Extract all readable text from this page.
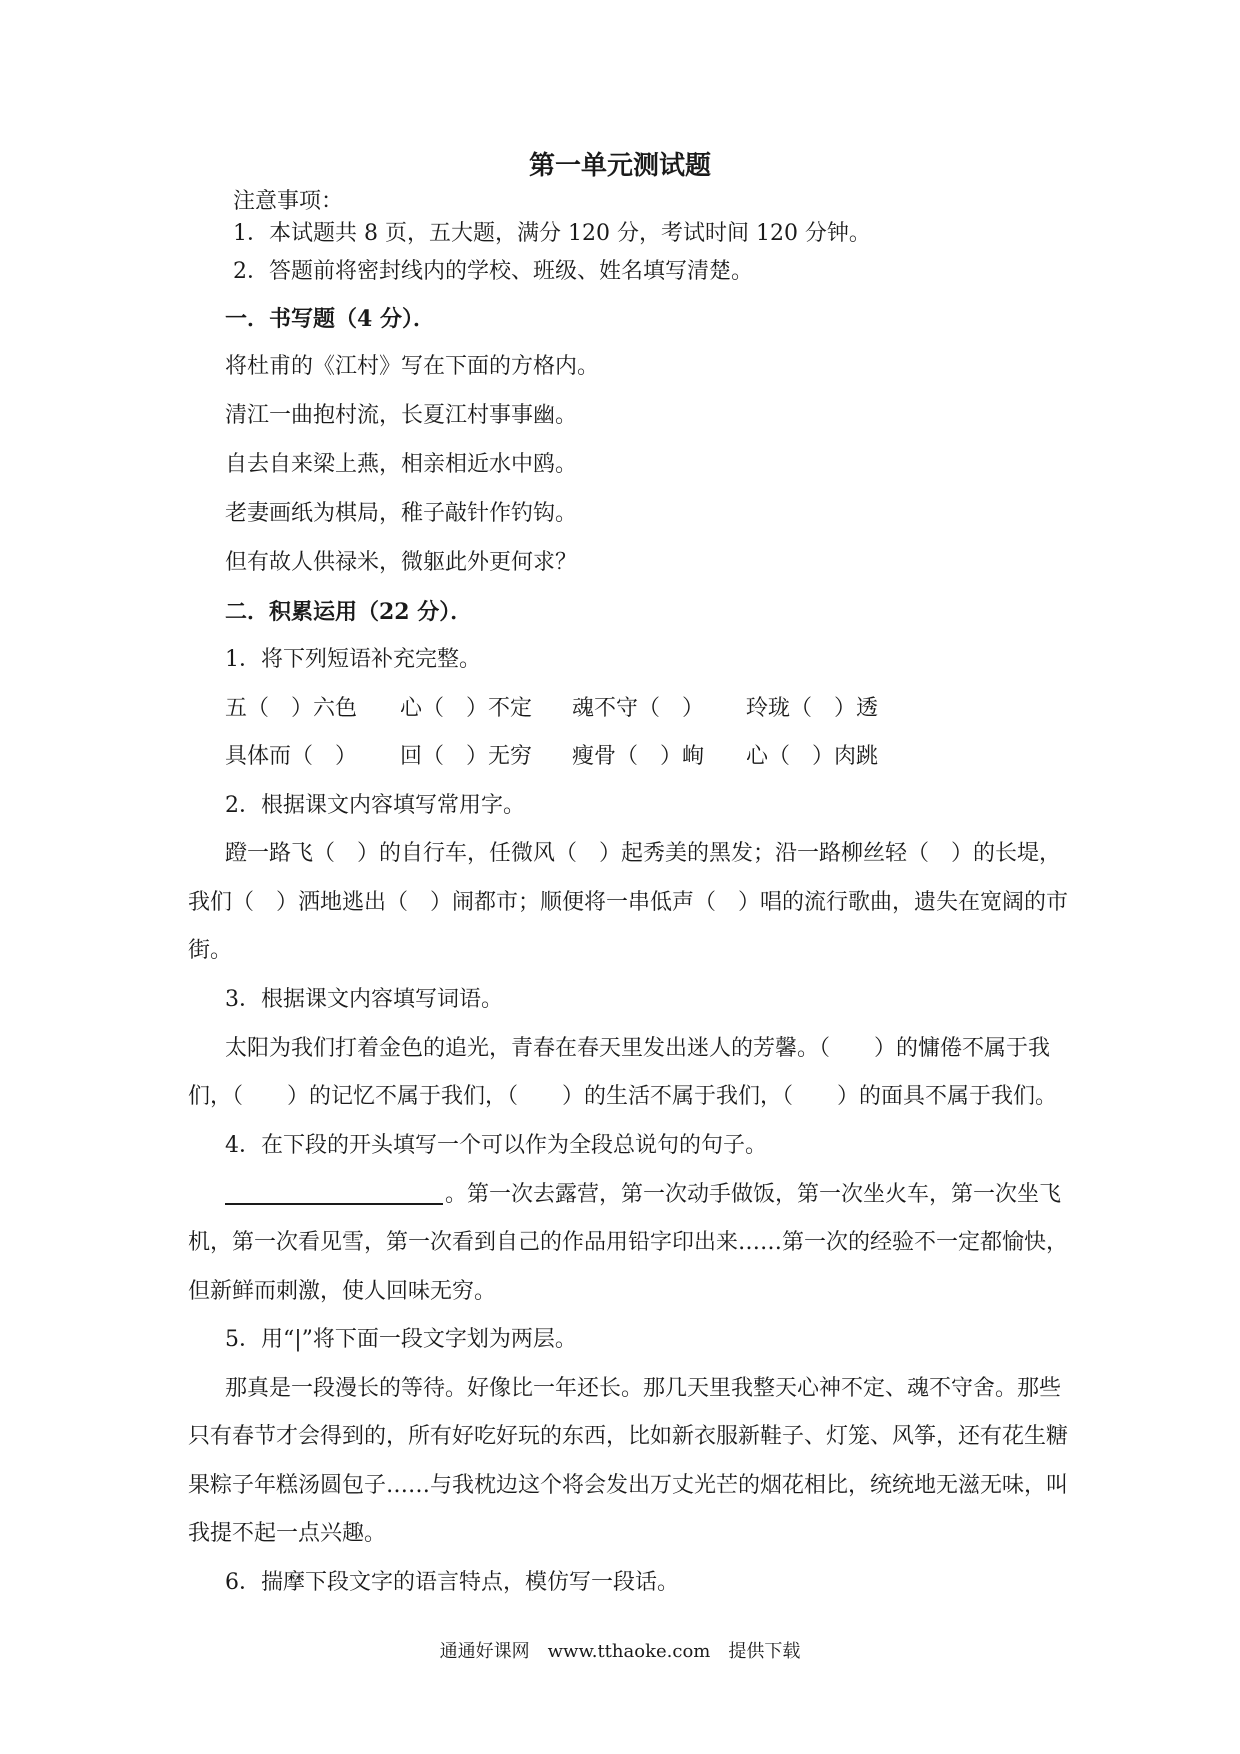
第一单元测试题
注意事项：
1．本试题共 8 页，五大题，满分 120 分，考试时间 120 分钟。
2．答题前将密封线内的学校、班级、姓名填写清楚。
一．书写题（4 分）．
将杜甫的《江村》写在下面的方格内。
清江一曲抱村流，长夏江村事事幽。
自去自来梁上燕，相亲相近水中鸥。
老妻画纸为棋局，稚子敲针作钓钩。
但有故人供禄米，微躯此外更何求？
二．积累运用（22 分）．
1．将下列短语补充完整。
五（　）六色 心（　）不定 魂不守（　） 玲珑（　）透
具体而（　） 回（　）无穷 瘦骨（　）峋 心（　）肉跳
2．根据课文内容填写常用字。
蹬一路飞（　）的自行车，任微风（　）起秀美的黑发；沿一路柳丝轻（　）的长堤，
我们（　）洒地逃出（　）闹都市；顺便将一串低声（　）唱的流行歌曲，遗失在宽阔的市
街。
3．根据课文内容填写词语。
太阳为我们打着金色的追光，青春在春天里发出迷人的芳馨。（　　）的慵倦不属于我
们，（　　）的记忆不属于我们，（　　）的生活不属于我们，（　　）的面具不属于我们。
4．在下段的开头填写一个可以作为全段总说句的句子。
。第一次去露营，第一次动手做饭，第一次坐火车，第一次坐飞
机，第一次看见雪，第一次看到自己的作品用铅字印出来……第一次的经验不一定都愉快，
但新鲜而刺激，使人回味无穷。
5．用“|”将下面一段文字划为两层。
那真是一段漫长的等待。好像比一年还长。那几天里我整天心神不定、魂不守舍。那些
只有春节才会得到的，所有好吃好玩的东西，比如新衣服新鞋子、灯笼、风筝，还有花生糖
果粽子年糕汤圆包子……与我枕边这个将会发出万丈光芒的烟花相比，统统地无滋无味，叫
我提不起一点兴趣。
6．揣摩下段文字的语言特点，模仿写一段话。
通通好课网　www.tthaoke.com　提供下载
